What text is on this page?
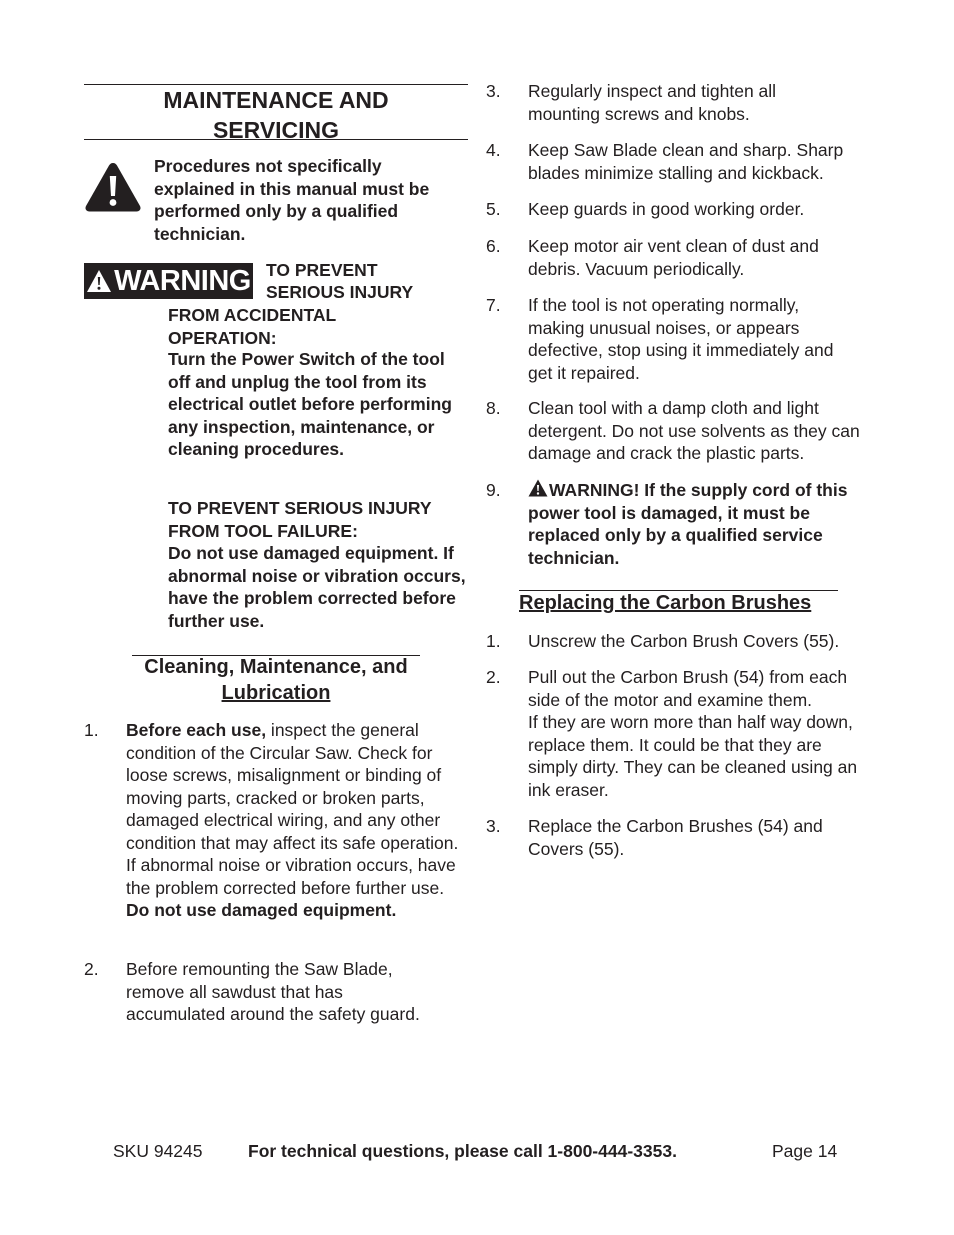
MAINTENANCE AND
SERVICING
Procedures not specifically explained in this manual must be performed only by a qualified technician.
WARNING TO PREVENT
SERIOUS INJURY
FROM ACCIDENTAL OPERATION:
Turn the Power Switch of the tool off and unplug the tool from its electrical outlet before performing any inspection, maintenance, or cleaning procedures.
TO PREVENT SERIOUS INJURY FROM TOOL FAILURE:
Do not use damaged equipment. If abnormal noise or vibration occurs, have the problem corrected before further use.
Cleaning, Maintenance, and
Lubrication
1. Before each use, inspect the general condition of the Circular Saw. Check for loose screws, misalignment or binding of moving parts, cracked or broken parts, damaged electrical wiring, and any other condition that may affect its safe operation. If abnormal noise or vibration occurs, have the problem corrected before further use.
Do not use damaged equipment.
2. Before remounting the Saw Blade, remove all sawdust that has accumulated around the safety guard.
3. Regularly inspect and tighten all mounting screws and knobs.
4. Keep Saw Blade clean and sharp. Sharp blades minimize stalling and kickback.
5. Keep guards in good working order.
6. Keep motor air vent clean of dust and debris. Vacuum periodically.
7. If the tool is not operating normally, making unusual noises, or appears defective, stop using it immediately and get it repaired.
8. Clean tool with a damp cloth and light detergent. Do not use solvents as they can damage and crack the plastic parts.
9.	WARNING! If the supply cord of this power tool is damaged, it must be replaced only by a qualified service technician.
Replacing the Carbon Brushes
1. Unscrew the Carbon Brush Covers (55).
2. Pull out the Carbon Brush (54) from each side of the motor and examine them.
If they are worn more than half way down, replace them. It could be that they are simply dirty. They can be cleaned using an ink eraser.
3. Replace the Carbon Brushes (54) and Covers (55).
SKU 94245	For technical questions, please call 1-800-444-3353.	Page 14
